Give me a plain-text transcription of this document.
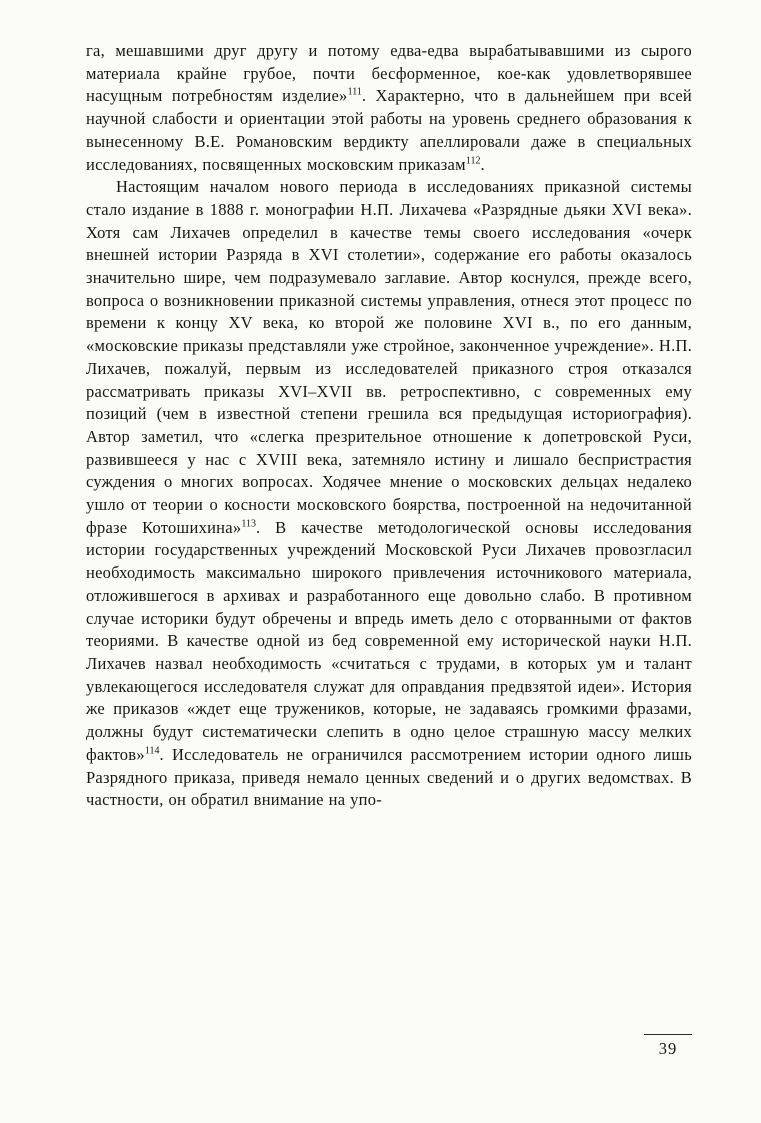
га, мешавшими друг другу и потому едва-едва вырабатывавшими из сырого материала крайне грубое, почти бесформенное, кое-как удовлетворявшее насущным потребностям изделие»$^{111}$. Характерно, что в дальнейшем при всей научной слабости и ориентации этой работы на уровень среднего образования к вынесенному В.Е. Романовским вердикту апеллировали даже в специальных исследованиях, посвященных московским приказам$^{112}$.

Настоящим началом нового периода в исследованиях приказной системы стало издание в 1888 г. монографии Н.П. Лихачева «Разрядные дьяки XVI века». Хотя сам Лихачев определил в качестве темы своего исследования «очерк внешней истории Разряда в XVI столетии», содержание его работы оказалось значительно шире, чем подразумевало заглавие. Автор коснулся, прежде всего, вопроса о возникновении приказной системы управления, отнеся этот процесс по времени к концу XV века, ко второй же половине XVI в., по его данным, «московские приказы представляли уже стройное, законченное учреждение». Н.П. Лихачев, пожалуй, первым из исследователей приказного строя отказался рассматривать приказы XVI–XVII вв. ретроспективно, с современных ему позиций (чем в известной степени грешила вся предыдущая историография). Автор заметил, что «слегка презрительное отношение к допетровской Руси, развившееся у нас с XVIII века, затемняло истину и лишало беспристрастия суждения о многих вопросах. Ходячее мнение о московских дельцах недалеко ушло от теории о косности московского боярства, построенной на недочитанной фразе Котошихина»$^{113}$. В качестве методологической основы исследования истории государственных учреждений Московской Руси Лихачев провозгласил необходимость максимально широкого привлечения источникового материала, отложившегося в архивах и разработанного еще довольно слабо. В противном случае историки будут обречены и впредь иметь дело с оторванными от фактов теориями. В качестве одной из бед современной ему исторической науки Н.П. Лихачев назвал необходимость «считаться с трудами, в которых ум и талант увлекающегося исследователя служат для оправдания предвзятой идеи». История же приказов «ждет еще тружеников, которые, не задаваясь громкими фразами, должны будут систематически слепить в одно целое страшную массу мелких фактов»$^{114}$. Исследователь не ограничился рассмотрением истории одного лишь Разрядного приказа, приведя немало ценных сведений и о других ведомствах. В частности, он обратил внимание на упо-

39
